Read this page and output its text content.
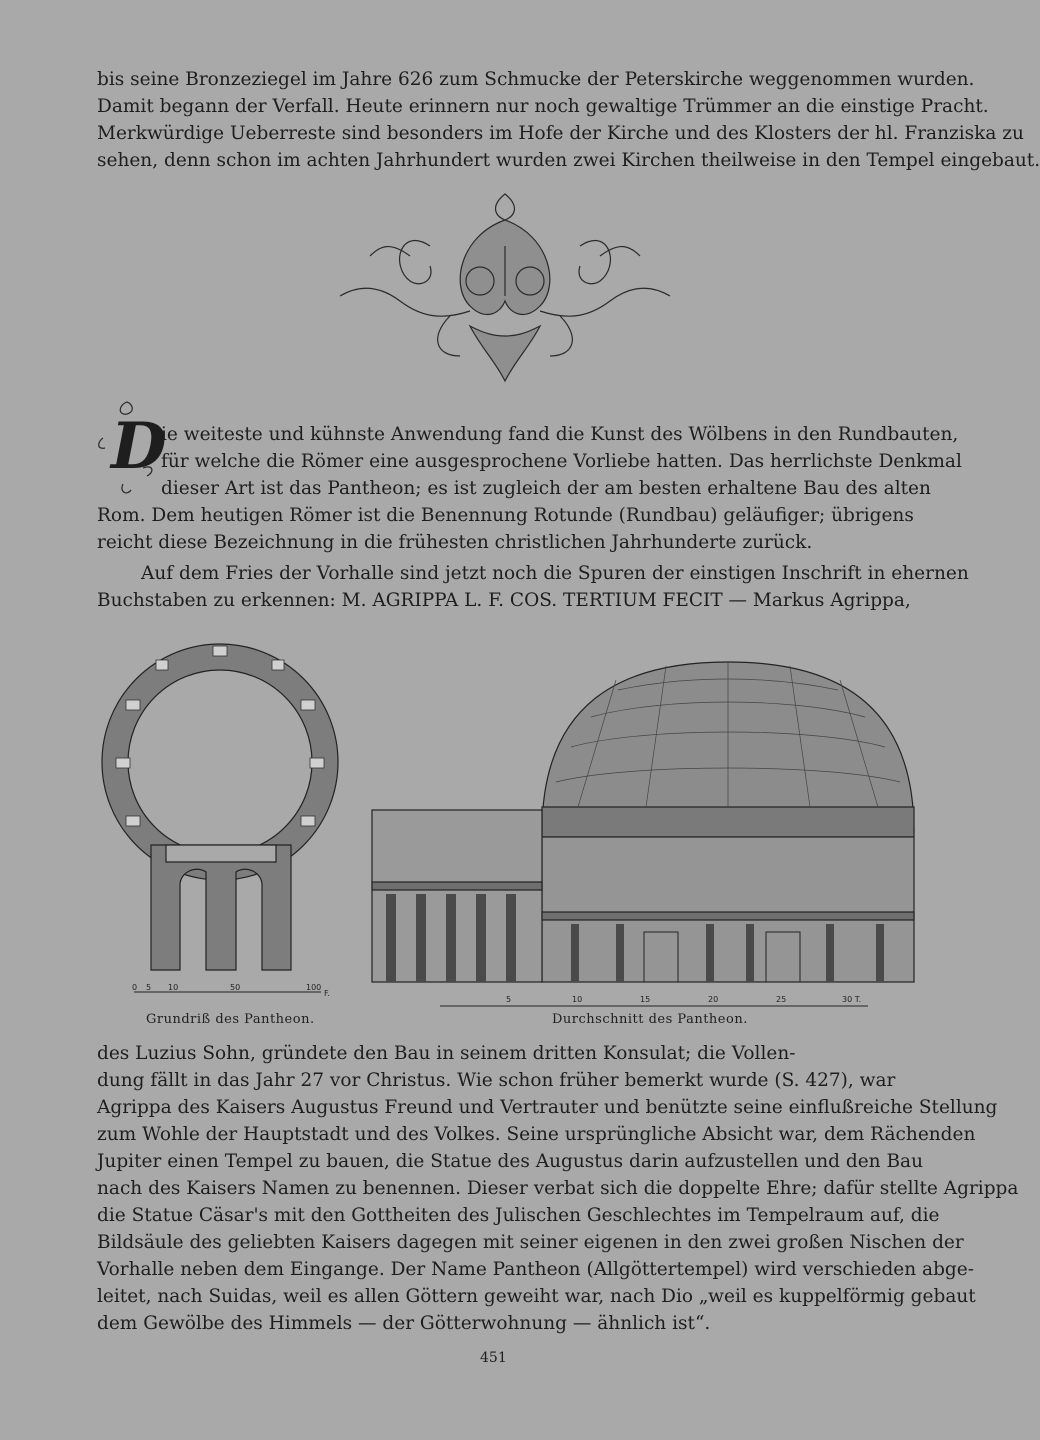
bis seine Bronzeziegel im Jahre 626 zum Schmucke der Peterskirche weggenommen wurden.
Damit begann der Verfall. Heute erinnern nur noch gewaltige Trümmer an die einstige Pracht.
Merkwürdige Ueberreste sind besonders im Hofe der Kirche und des Klosters der hl. Franziska zu
sehen, denn schon im achten Jahrhundert wurden zwei Kirchen theilweise in den Tempel eingebaut.

D

ie weiteste und kühnste Anwendung fand die Kunst des Wölbens in den Rundbauten,
für welche die Römer eine ausgesprochene Vorliebe hatten. Das herrlichste Denkmal
dieser Art ist das Pantheon; es ist zugleich der am besten erhaltene Bau des alten
Rom. Dem heutigen Römer ist die Benennung Rotunde (Rundbau) geläufiger; übrigens
reicht diese Bezeichnung in die frühesten christlichen Jahrhunderte zurück.

Auf dem Fries der Vorhalle sind jetzt noch die Spuren der einstigen Inschrift in ehernen
Buchstaben zu erkennen: M. AGRIPPA L. F. COS. TERTIUM FECIT — Markus Agrippa,

0 5 10	50	100
F.
Grundriß des Pantheon.
5	10	15	20	25	30 T.
Durchschnitt des Pantheon.

des Luzius Sohn, gründete den Bau in seinem dritten Konsulat; die Vollen-
dung fällt in das Jahr 27 vor Christus. Wie schon früher bemerkt wurde (S. 427), war
Agrippa des Kaisers Augustus Freund und Vertrauter und benützte seine einflußreiche Stellung
zum Wohle der Hauptstadt und des Volkes. Seine ursprüngliche Absicht war, dem Rächenden
Jupiter einen Tempel zu bauen, die Statue des Augustus darin aufzustellen und den Bau
nach des Kaisers Namen zu benennen. Dieser verbat sich die doppelte Ehre; dafür stellte Agrippa
die Statue Cäsar's mit den Gottheiten des Julischen Geschlechtes im Tempelraum auf, die
Bildsäule des geliebten Kaisers dagegen mit seiner eigenen in den zwei großen Nischen der
Vorhalle neben dem Eingange. Der Name Pantheon (Allgöttertempel) wird verschieden abge-
leitet, nach Suidas, weil es allen Göttern geweiht war, nach Dio „weil es kuppelförmig gebaut
dem Gewölbe des Himmels — der Götterwohnung — ähnlich ist“.

451
